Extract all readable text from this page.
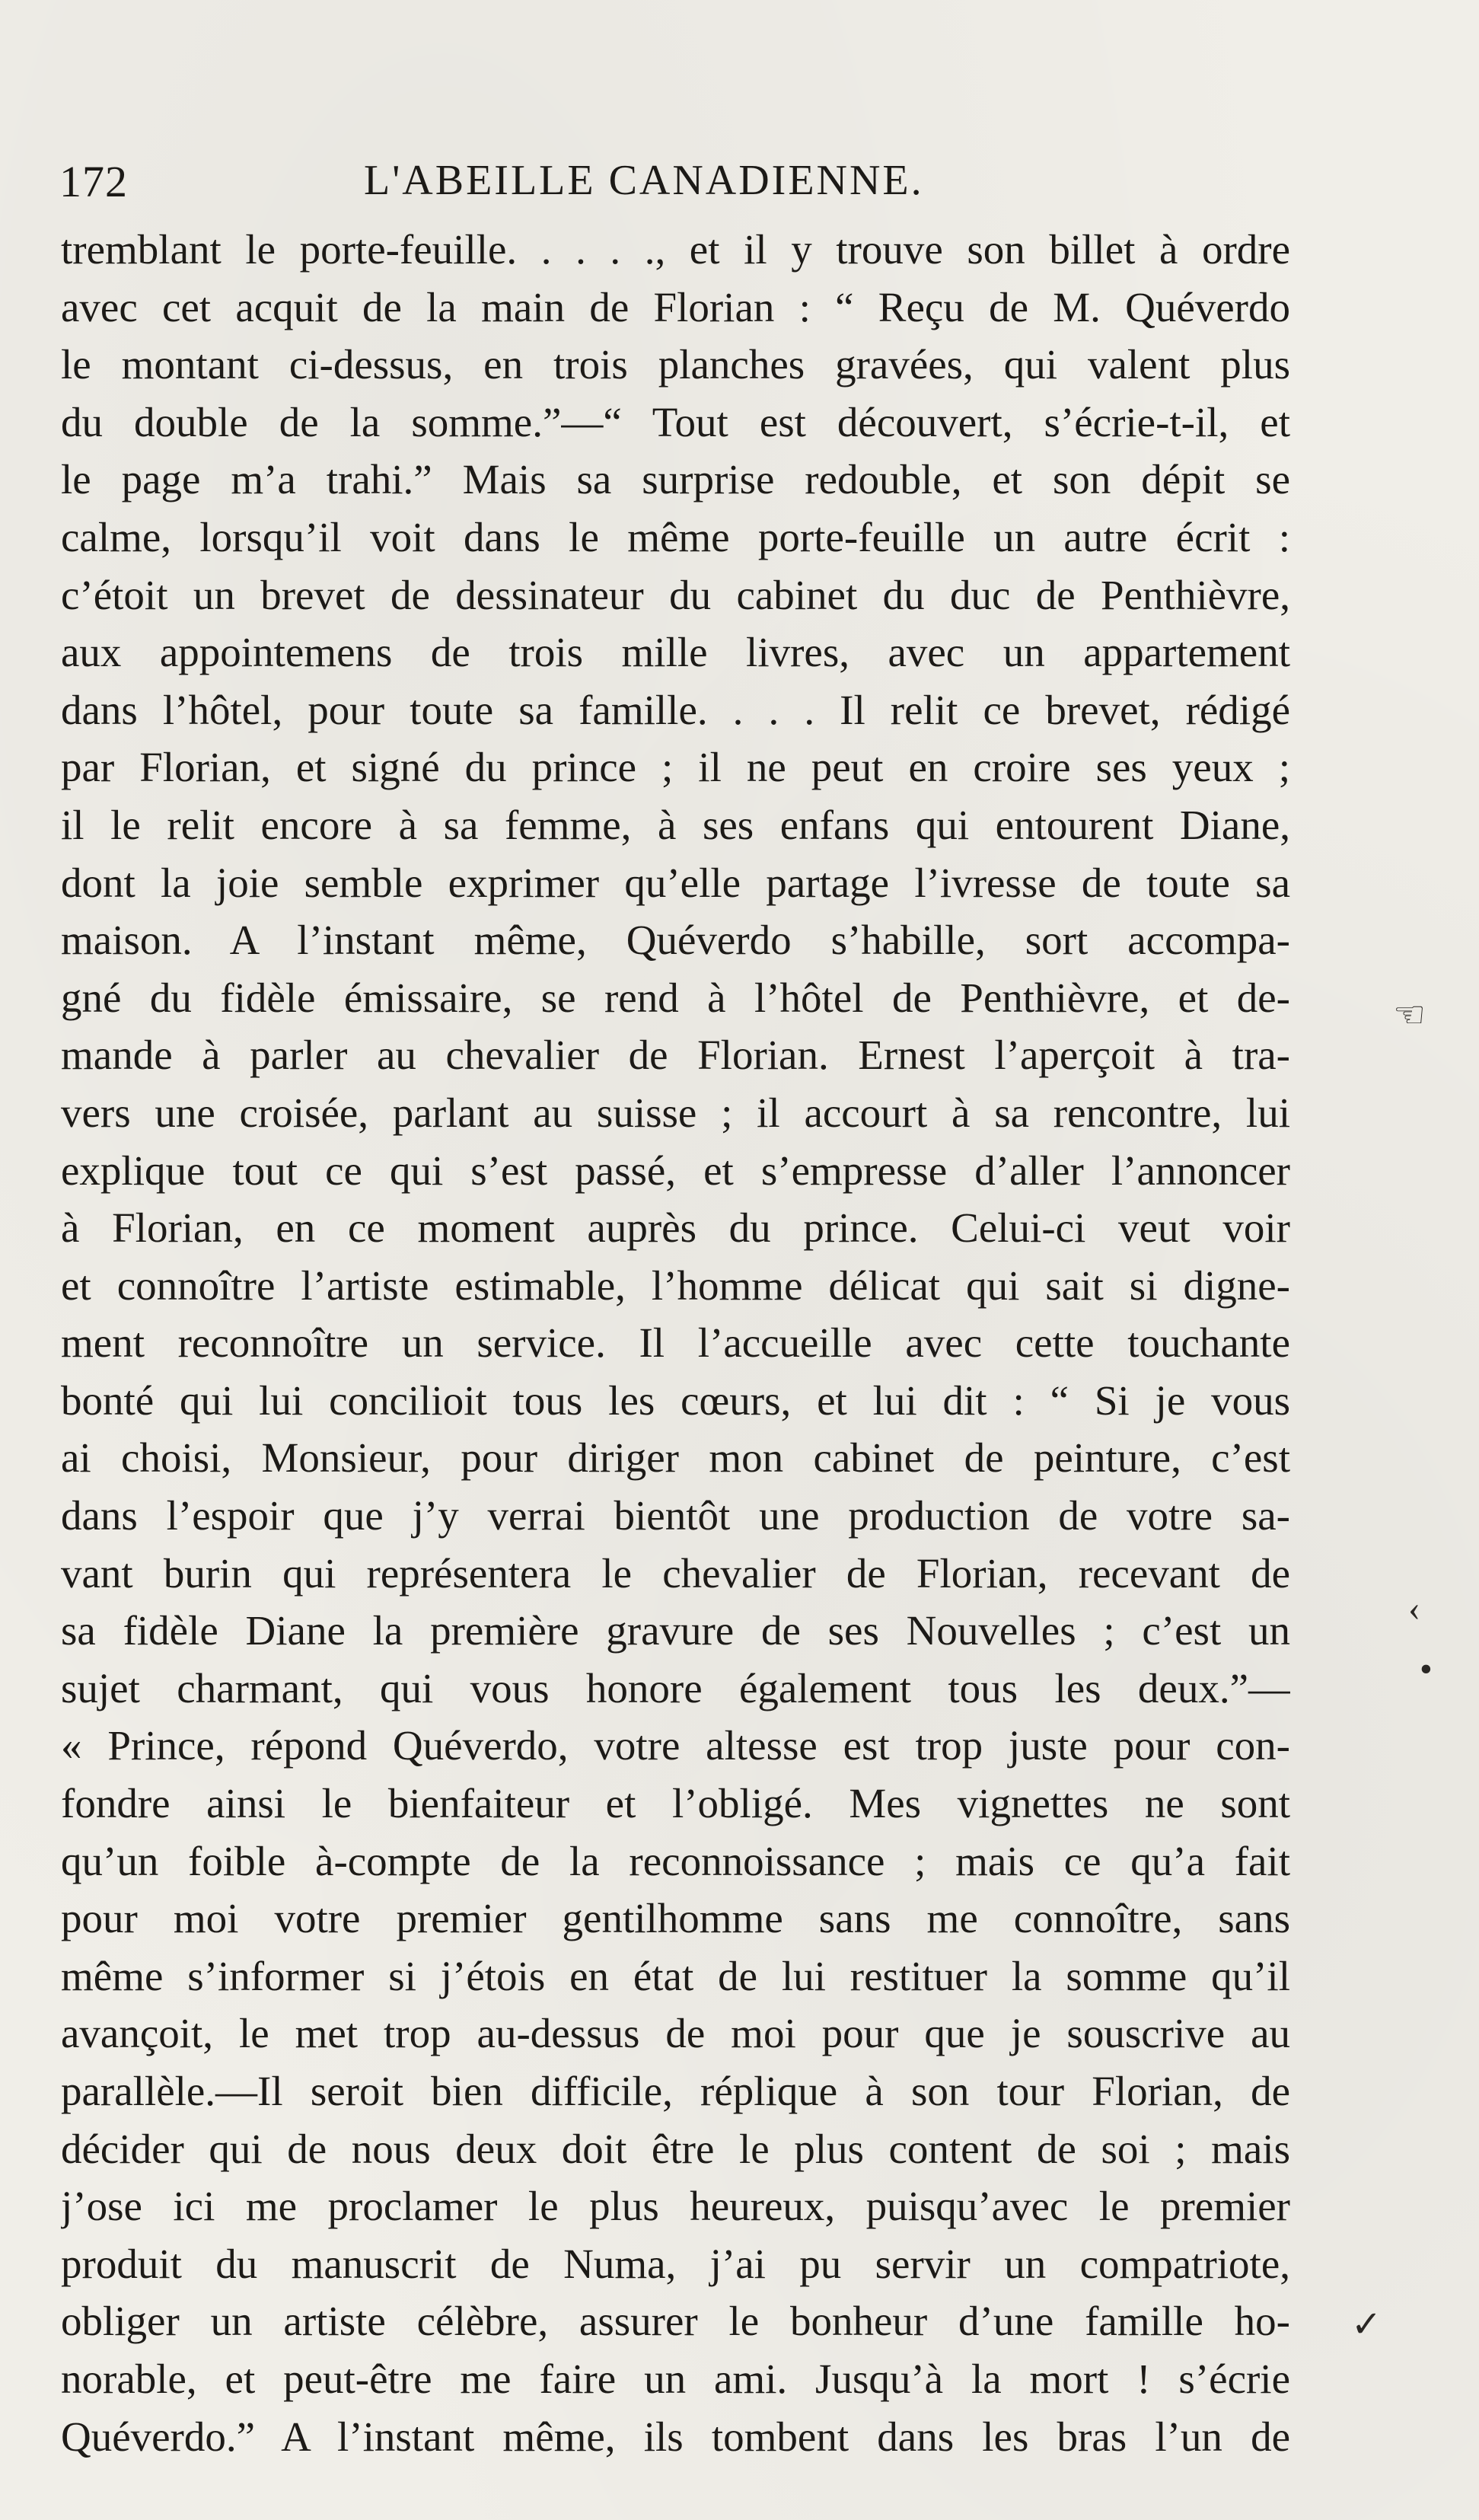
172	L'ABEILLE CANADIENNE.
tremblant le porte-feuille. . . . ., et il y trouve son billet à ordre
avec cet acquit de la main de Florian : “ Reçu de M. Quéverdo
le montant ci-dessus, en trois planches gravées, qui valent plus
du double de la somme.”—“ Tout est découvert, s’écrie-t-il, et
le page m’a trahi.” Mais sa surprise redouble, et son dépit se
calme, lorsqu’il voit dans le même porte-feuille un autre écrit :
c’étoit un brevet de dessinateur du cabinet du duc de Penthièvre,
aux appointemens de trois mille livres, avec un appartement
dans l’hôtel, pour toute sa famille. . . . Il relit ce brevet, rédigé
par Florian, et signé du prince ; il ne peut en croire ses yeux ;
il le relit encore à sa femme, à ses enfans qui entourent Diane,
dont la joie semble exprimer qu’elle partage l’ivresse de toute sa
maison. A l’instant même, Quéverdo s’habille, sort accompa-
gné du fidèle émissaire, se rend à l’hôtel de Penthièvre, et de-
mande à parler au chevalier de Florian. Ernest l’aperçoit à tra-
vers une croisée, parlant au suisse ; il accourt à sa rencontre, lui
explique tout ce qui s’est passé, et s’empresse d’aller l’annoncer
à Florian, en ce moment auprès du prince. Celui-ci veut voir
et connoître l’artiste estimable, l’homme délicat qui sait si digne-
ment reconnoître un service. Il l’accueille avec cette touchante
bonté qui lui concilioit tous les cœurs, et lui dit : “ Si je vous
ai choisi, Monsieur, pour diriger mon cabinet de peinture, c’est
dans l’espoir que j’y verrai bientôt une production de votre sa-
vant burin qui représentera le chevalier de Florian, recevant de
sa fidèle Diane la première gravure de ses Nouvelles ; c’est un
sujet charmant, qui vous honore également tous les deux.”—
« Prince, répond Quéverdo, votre altesse est trop juste pour con-
fondre ainsi le bienfaiteur et l’obligé. Mes vignettes ne sont
qu’un foible à-compte de la reconnoissance ; mais ce qu’a fait
pour moi votre premier gentilhomme sans me connoître, sans
même s’informer si j’étois en état de lui restituer la somme qu’il
avançoit, le met trop au-dessus de moi pour que je souscrive au
parallèle.—Il seroit bien difficile, réplique à son tour Florian, de
décider qui de nous deux doit être le plus content de soi ; mais
j’ose ici me proclamer le plus heureux, puisqu’avec le premier
produit du manuscrit de Numa, j’ai pu servir un compatriote,
obliger un artiste célèbre, assurer le bonheur d’une famille ho-
norable, et peut-être me faire un ami. Jusqu’à la mort ! s’écrie
Quéverdo.” A l’instant même, ils tombent dans les bras l’un de
☜
‹
•
✓
